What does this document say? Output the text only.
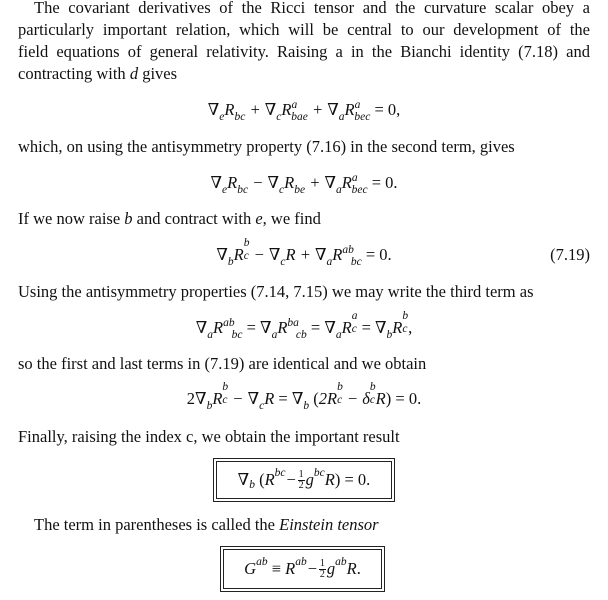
The covariant derivatives of the Ricci tensor and the curvature scalar obey a
particularly important relation, which will be central to our development of the
field equations of general relativity. Raising a in the Bianchi identity (7.18) and
contracting with d gives
$\nabla_eR_{bc} + \nabla_cR^a_{bae} + \nabla_aR^a_{bec} = 0$,
which, on using the antisymmetry property (7.16) in the second term, gives
$\nabla_eR_{bc} - \nabla_cR_{be} + \nabla_aR^a_{bec} = 0$.
If we now raise b and contract with e, we find
$\nabla_bR$
b
$c - \nabla_cR + \nabla_aR^{ab}_{bc} = 0$.	(7.19)
Using the antisymmetry properties (7.14, 7.15) we may write the third term as
$\nabla_aR^{ab}_{bc} = \nabla_aR^{ba}_{cb} = \nabla_aR$
a
$c = \nabla_bR$
b
c ,
so the first and last terms in (7.19) are identical and we obtain
$2\nabla_bR$
b
$c - \nabla_cR = \nabla_b$ (2R
b
c − δ
b
c R) = 0.
Finally, raising the index c, we obtain the important result
∇ b ( R bc − $\frac{1}{2}$ g bc R ) = 0.
The term in parentheses is called the Einstein tensor
G ab ≡ R ab − $\frac{1}{2}$ g ab R .
